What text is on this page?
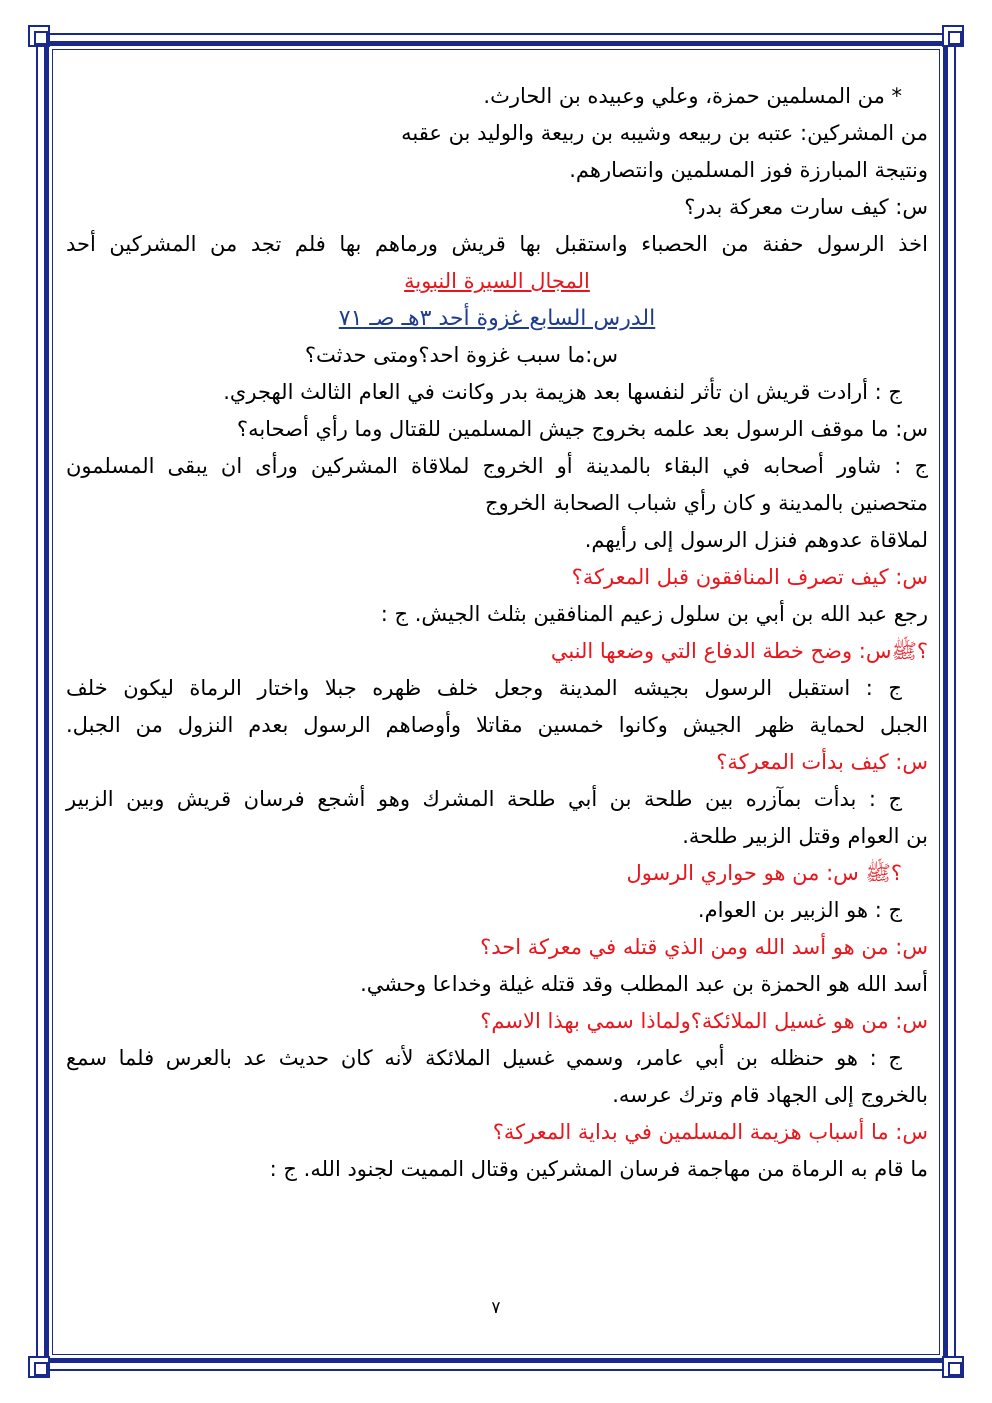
* من المسلمين حمزة، وعلي وعبيده بن الحارث.
من المشركين: عتبه بن ربيعه وشيبه بن ربيعة والوليد بن عقبه
ونتيجة المبارزة فوز المسلمين وانتصارهم.
س: كيف سارت معركة بدر؟
اخذ الرسول حفنة من الحصباء واستقبل بها قريش ورماهم بها فلم تجد من المشركين أحد
المجال السيرة النبوية
الدرس السابع غزوة أحد ٣هـ صـ ٧١
س:ما سبب غزوة احد؟ومتى حدثت؟
ج : أرادت قريش ان تأثر لنفسها بعد هزيمة بدر وكانت في العام الثالث الهجري.
س: ما موقف الرسول بعد علمه بخروج جيش المسلمين للقتال وما رأي أصحابه؟
ج : شاور أصحابه في البقاء بالمدينة أو الخروج لملاقاة المشركين ورأى ان يبقى المسلمون
متحصنين بالمدينة و كان رأي شباب الصحابة الخروج
لملاقاة عدوهم فنزل الرسول إلى رأيهم.
س: كيف تصرف المنافقون قبل المعركة؟
رجع عبد الله بن أبي بن سلول زعيم المنافقين بثلث الجيش. ج :
؟ﷺس: وضح خطة الدفاع التي وضعها النبي
ج : استقبل الرسول بجيشه المدينة وجعل خلف ظهره جبلا واختار الرماة ليكون خلف
الجبل لحماية ظهر الجيش وكانوا خمسين مقاتلا وأوصاهم الرسول بعدم النزول من الجبل.
س: كيف بدأت المعركة؟
ج : بدأت بمآزره بين طلحة بن أبي طلحة المشرك وهو أشجع فرسان قريش وبين الزبير
بن العوام وقتل الزبير طلحة.
؟ﷺ س: من هو حواري الرسول
ج : هو الزبير بن العوام.
س: من هو أسد الله ومن الذي قتله في معركة احد؟
أسد الله هو الحمزة بن عبد المطلب وقد قتله غيلة وخداعا وحشي.
س: من هو غسيل الملائكة؟ولماذا سمي بهذا الاسم؟
ج : هو حنظله بن أبي عامر، وسمي غسيل الملائكة لأنه كان حديث عد بالعرس فلما سمع
بالخروج إلى الجهاد قام وترك عرسه.
س: ما أسباب هزيمة المسلمين في بداية المعركة؟
ما قام به الرماة من مهاجمة فرسان المشركين وقتال المميت لجنود الله. ج :
٧
